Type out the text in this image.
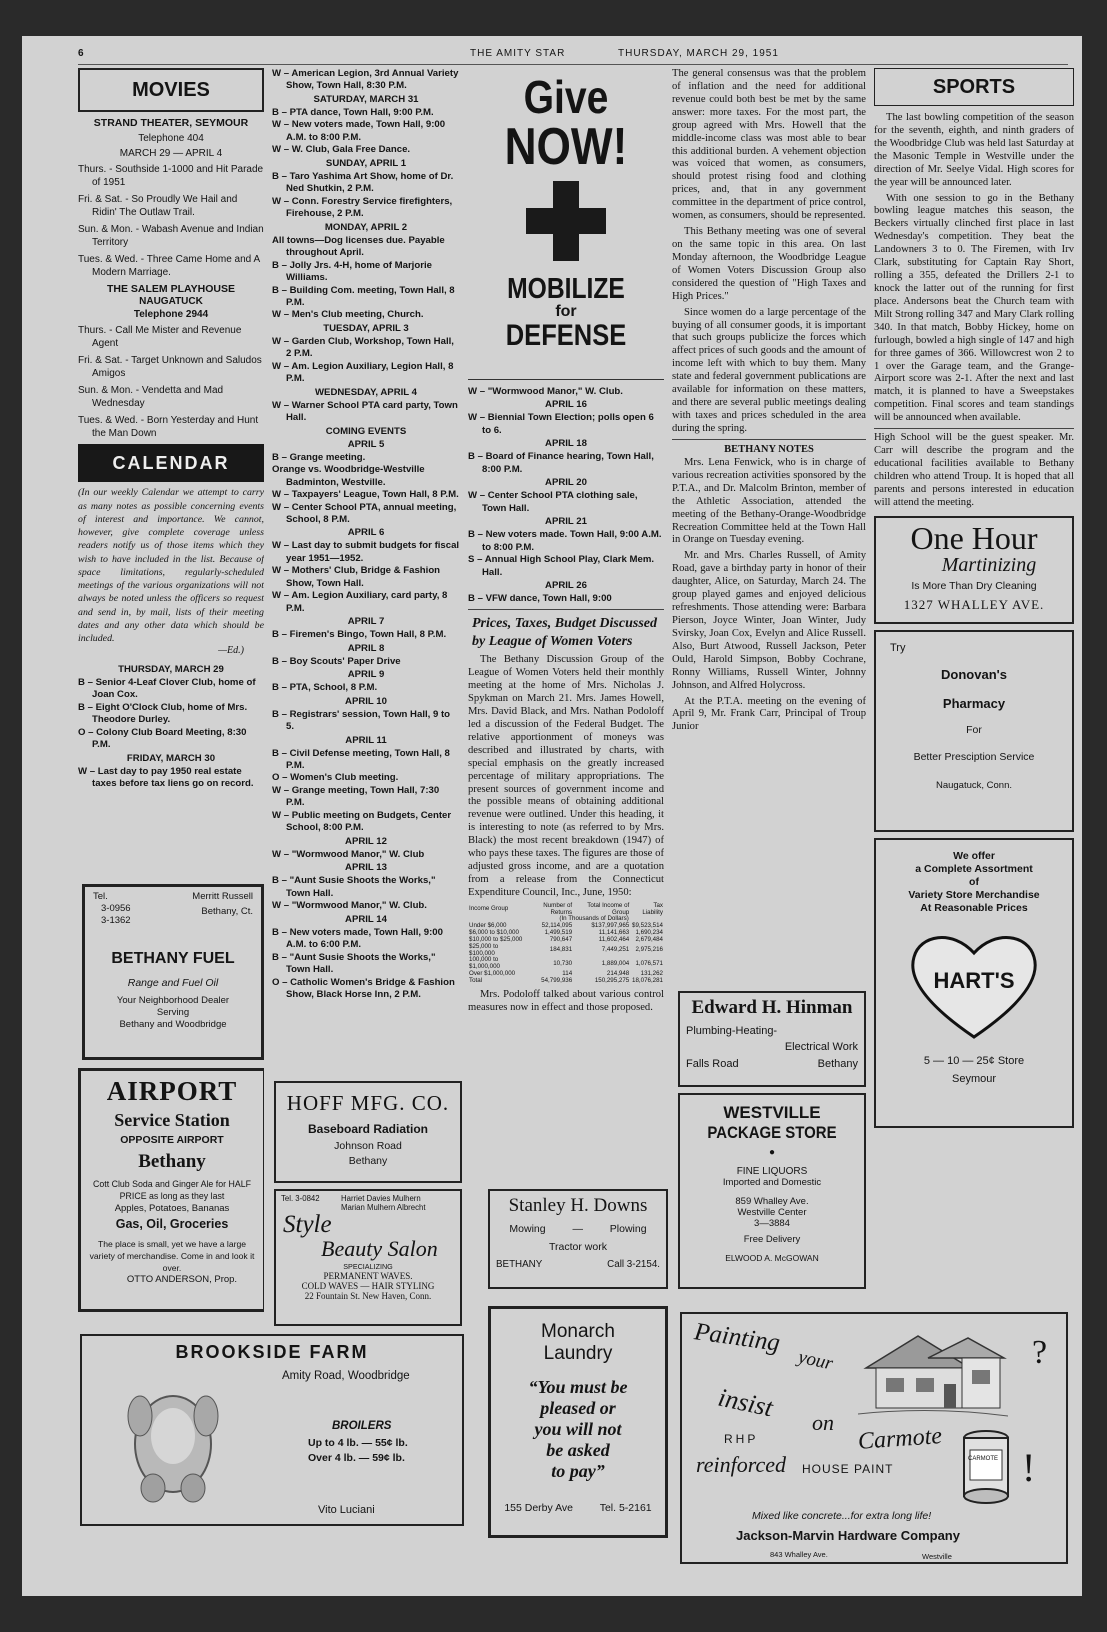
6	THE AMITY STAR	THURSDAY, MARCH 29, 1951
MOVIES
STRAND THEATER, SEYMOUR
Telephone 404
MARCH 29 — APRIL 4
Thurs. - Southside 1-1000 and Hit Parade of 1951
Fri. & Sat. - So Proudly We Hail and Ridin' The Outlaw Trail.
Sun. & Mon. - Wabash Avenue and Indian Territory
Tues. & Wed. - Three Came Home and A Modern Marriage.
THE SALEM PLAYHOUSE
NAUGATUCK
Telephone 2944
Thurs. - Call Me Mister and Revenue Agent
Fri. & Sat. - Target Unknown and Saludos Amigos
Sun. & Mon. - Vendetta and Mad Wednesday
Tues. & Wed. - Born Yesterday and Hunt the Man Down
CALENDAR
(In our weekly Calendar we attempt to carry as many notes as possible concerning events of interest and importance. We cannot, however, give complete coverage unless readers notify us of those items which they wish to have included in the list. Because of space limitations, regularly-scheduled meetings of the various organizations will not always be noted unless the officers so request and send in, by mail, lists of their meeting dates and any other data which should be included.
—Ed.)
THURSDAY, MARCH 29
B – Senior 4-Leaf Clover Club, home of Joan Cox.
B – Eight O'Clock Club, home of Mrs. Theodore Durley.
O – Colony Club Board Meeting, 8:30 P.M.
FRIDAY, MARCH 30
W – Last day to pay 1950 real estate taxes before tax liens go on record.
Tel.
3-0956
3-1362
Merritt Russell
Bethany, Ct.
BETHANY FUEL
Range and Fuel Oil
Your Neighborhood Dealer
Serving
Bethany and Woodbridge
AIRPORT
Service Station
OPPOSITE AIRPORT
Bethany
Cott Club Soda and Ginger Ale for HALF PRICE as long as they last
Apples, Potatoes, Bananas
Gas, Oil, Groceries
The place is small, yet we have a large variety of merchandise. Come in and look it over.
OTTO ANDERSON, Prop.
W – American Legion, 3rd Annual Variety Show, Town Hall, 8:30 P.M.
SATURDAY, MARCH 31
B – PTA dance, Town Hall, 9:00 P.M.
W – New voters made, Town Hall, 9:00 A.M. to 8:00 P.M.
W – W. Club, Gala Free Dance.
SUNDAY, APRIL 1
B – Taro Yashima Art Show, home of Dr. Ned Shutkin, 2 P.M.
W – Conn. Forestry Service firefighters, Firehouse, 2 P.M.
MONDAY, APRIL 2
All towns—Dog licenses due. Payable throughout April.
B – Jolly Jrs. 4-H, home of Marjorie Williams.
B – Building Com. meeting, Town Hall, 8 P.M.
W – Men's Club meeting, Church.
TUESDAY, APRIL 3
W – Garden Club, Workshop, Town Hall, 2 P.M.
W – Am. Legion Auxiliary, Legion Hall, 8 P.M.
WEDNESDAY, APRIL 4
W – Warner School PTA card party, Town Hall.
COMING EVENTS
APRIL 5
B – Grange meeting.
Orange vs. Woodbridge-Westville Badminton, Westville.
W – Taxpayers' League, Town Hall, 8 P.M.
W – Center School PTA, annual meeting, School, 8 P.M.
APRIL 6
W – Last day to submit budgets for fiscal year 1951—1952.
W – Mothers' Club, Bridge & Fashion Show, Town Hall.
W – Am. Legion Auxiliary, card party, 8 P.M.
APRIL 7
B – Firemen's Bingo, Town Hall, 8 P.M.
APRIL 8
B – Boy Scouts' Paper Drive
APRIL 9
B – PTA, School, 8 P.M.
APRIL 10
B – Registrars' session, Town Hall, 9 to 5.
APRIL 11
B – Civil Defense meeting, Town Hall, 8 P.M.
O – Women's Club meeting.
W – Grange meeting, Town Hall, 7:30 P.M.
W – Public meeting on Budgets, Center School, 8:00 P.M.
APRIL 12
W – "Wormwood Manor," W. Club
APRIL 13
B – "Aunt Susie Shoots the Works," Town Hall.
W – "Wormwood Manor," W. Club.
APRIL 14
B – New voters made, Town Hall, 9:00 A.M. to 6:00 P.M.
B – "Aunt Susie Shoots the Works," Town Hall.
O – Catholic Women's Bridge & Fashion Show, Black Horse Inn, 2 P.M.
HOFF MFG. CO.
Baseboard Radiation
Johnson Road
Bethany
Tel. 3-0842	Harriet Davies Mulhern
Marian Mulhern Albrecht
Style
Beauty Salon
SPECIALIZING
PERMANENT WAVES.
COLD WAVES — HAIR STYLING
22 Fountain St. New Haven, Conn.
Give
NOW!
MOBILIZE
for
DEFENSE
W – "Wormwood Manor," W. Club.
APRIL 16
W – Biennial Town Election; polls open 6 to 6.
APRIL 18
B – Board of Finance hearing, Town Hall, 8:00 P.M.
APRIL 20
W – Center School PTA clothing sale, Town Hall.
APRIL 21
B – New voters made. Town Hall, 9:00 A.M. to 8:00 P.M.
S – Annual High School Play, Clark Mem. Hall.
APRIL 26
B – VFW dance, Town Hall, 9:00
Prices, Taxes, Budget Discussed by League of Women Voters

The Bethany Discussion Group of the League of Women Voters held their monthly meeting at the home of Mrs. Nicholas J. Spykman on March 21. Mrs. James Howell, Mrs. David Black, and Mrs. Nathan Podoloff led a discussion of the Federal Budget. The relative apportionment of moneys was described and illustrated by charts, with special emphasis on the greatly increased percentage of military appropriations. The present sources of government income and the possible means of obtaining additional revenue were outlined. Under this heading, it is interesting to note (as referred to by Mrs. Black) the most recent breakdown (1947) of who pays these taxes. The figures are those of adjusted gross income, and are a quotation from a release from the Connecticut Expenditure Council, Inc., June, 1950:

Income Group	Number of Returns	Total Income of Group	Tax Liability
	(In Thousands of Dollars)		
Under $6,000	52,114,095	$137,997,965	$9,523,514
$6,000 to $10,000	1,499,519	11,141,663	1,690,234
$10,000 to $25,000	790,647	11,602,464	2,679,484
$25,000 to $100,000	184,831	7,449,251	2,975,216
100,000 to $1,000,000	10,730	1,889,004	1,076,571
Over $1,000,000	114	214,948	131,262
Total	54,799,936	150,295,275	18,076,281

Mrs. Podoloff talked about various control measures now in effect and those proposed.

Stanley H. Downs
Mowing	—	Plowing
Tractor work
BETHANY	Call 3-2154.

The general consensus was that the problem of inflation and the need for additional revenue could both best be met by the same answer: more taxes. For the most part, the group agreed with Mrs. Howell that the middle-income class was most able to bear this additional burden. A vehement objection was voiced that women, as consumers, should protest rising food and clothing prices, and, that in any government committee in the department of price control, women, as consumers, should be represented.

This Bethany meeting was one of several on the same topic in this area. On last Monday afternoon, the Woodbridge League of Women Voters Discussion Group also considered the question of "High Taxes and High Prices."

Since women do a large percentage of the buying of all consumer goods, it is important that such groups publicize the forces which affect prices of such goods and the amount of income left with which to buy them. Many state and federal government publications are available for information on these matters, and there are several public meetings dealing with taxes and prices scheduled in the area during the spring.

BETHANY NOTES

Mrs. Lena Fenwick, who is in charge of various recreation activities sponsored by the P.T.A., and Dr. Malcolm Brinton, member of the Athletic Association, attended the meeting of the Bethany-Orange-Woodbridge Recreation Committee held at the Town Hall in Orange on Tuesday evening.

Mr. and Mrs. Charles Russell, of Amity Road, gave a birthday party in honor of their daughter, Alice, on Saturday, March 24. The group played games and enjoyed delicious refreshments. Those attending were: Barbara Pierson, Joyce Winter, Joan Winter, Judy Svirsky, Joan Cox, Evelyn and Alice Russell. Also, Burt Atwood, Russell Jackson, Peter Ould, Harold Simpson, Bobby Cochrane, Ronny Williams, Russell Winter, Johnny Johnson, and Alfred Holycross.

At the P.T.A. meeting on the evening of April 9, Mr. Frank Carr, Principal of Troup Junior

Edward H. Hinman
Plumbing-Heating-
Electrical Work
Falls Road	Bethany
WESTVILLE
PACKAGE STORE
●
FINE LIQUORS
Imported and Domestic
859 Whalley Ave.
Westville Center
3—3884
Free Delivery
ELWOOD A. McGOWAN
SPORTS

The last bowling competition of the season for the seventh, eighth, and ninth graders of the Woodbridge Club was held last Saturday at the Masonic Temple in Westville under the direction of Mr. Seelye Vidal. High scores for the year will be announced later.

With one session to go in the Bethany bowling league matches this season, the Beckers virtually clinched first place in last Wednesday's competition. They beat the Landowners 3 to 0. The Firemen, with Irv Clark, substituting for Captain Ray Short, rolling a 355, defeated the Drillers 2-1 to knock the latter out of the running for first place. Andersons beat the Church team with Milt Strong rolling 347 and Mary Clark rolling 340. In that match, Bobby Hickey, home on furlough, bowled a high single of 147 and high for three games of 366. Willowcrest won 2 to 1 over the Garage team, and the Grange-Airport score was 2-1. After the next and last match, it is planned to have a Sweepstakes competition. Final scores and team standings will be announced when available.

High School will be the guest speaker. Mr. Carr will describe the program and the educational facilities available to Bethany children who attend Troup. It is hoped that all parents and persons interested in education will attend the meeting.

One Hour
Martinizing
Is More Than Dry Cleaning
1327 WHALLEY AVE.
Try
Donovan's
Pharmacy
For
Better Presciption Service
Naugatuck, Conn.
We offer
a Complete Assortment
of
Variety Store Merchandise
At Reasonable Prices
HART'S
5 — 10 — 25¢ Store
Seymour
BROOKSIDE FARM
Amity Road, Woodbridge
BROILERS
Up to 4 lb. — 55¢ lb.
Over 4 lb. — 59¢ lb.
Vito Luciani
Monarch
Laundry
“You must be
pleased or
you will not
be asked
to pay”
155 Derby Ave	Tel. 5-2161
Painting
your
insist
on
Carmote
RHP
reinforced HOUSE PAINT
CARMOTE
?
!
Mixed like concrete...for extra long life!
Jackson-Marvin Hardware Company
843 Whalley Ave.	Westville
